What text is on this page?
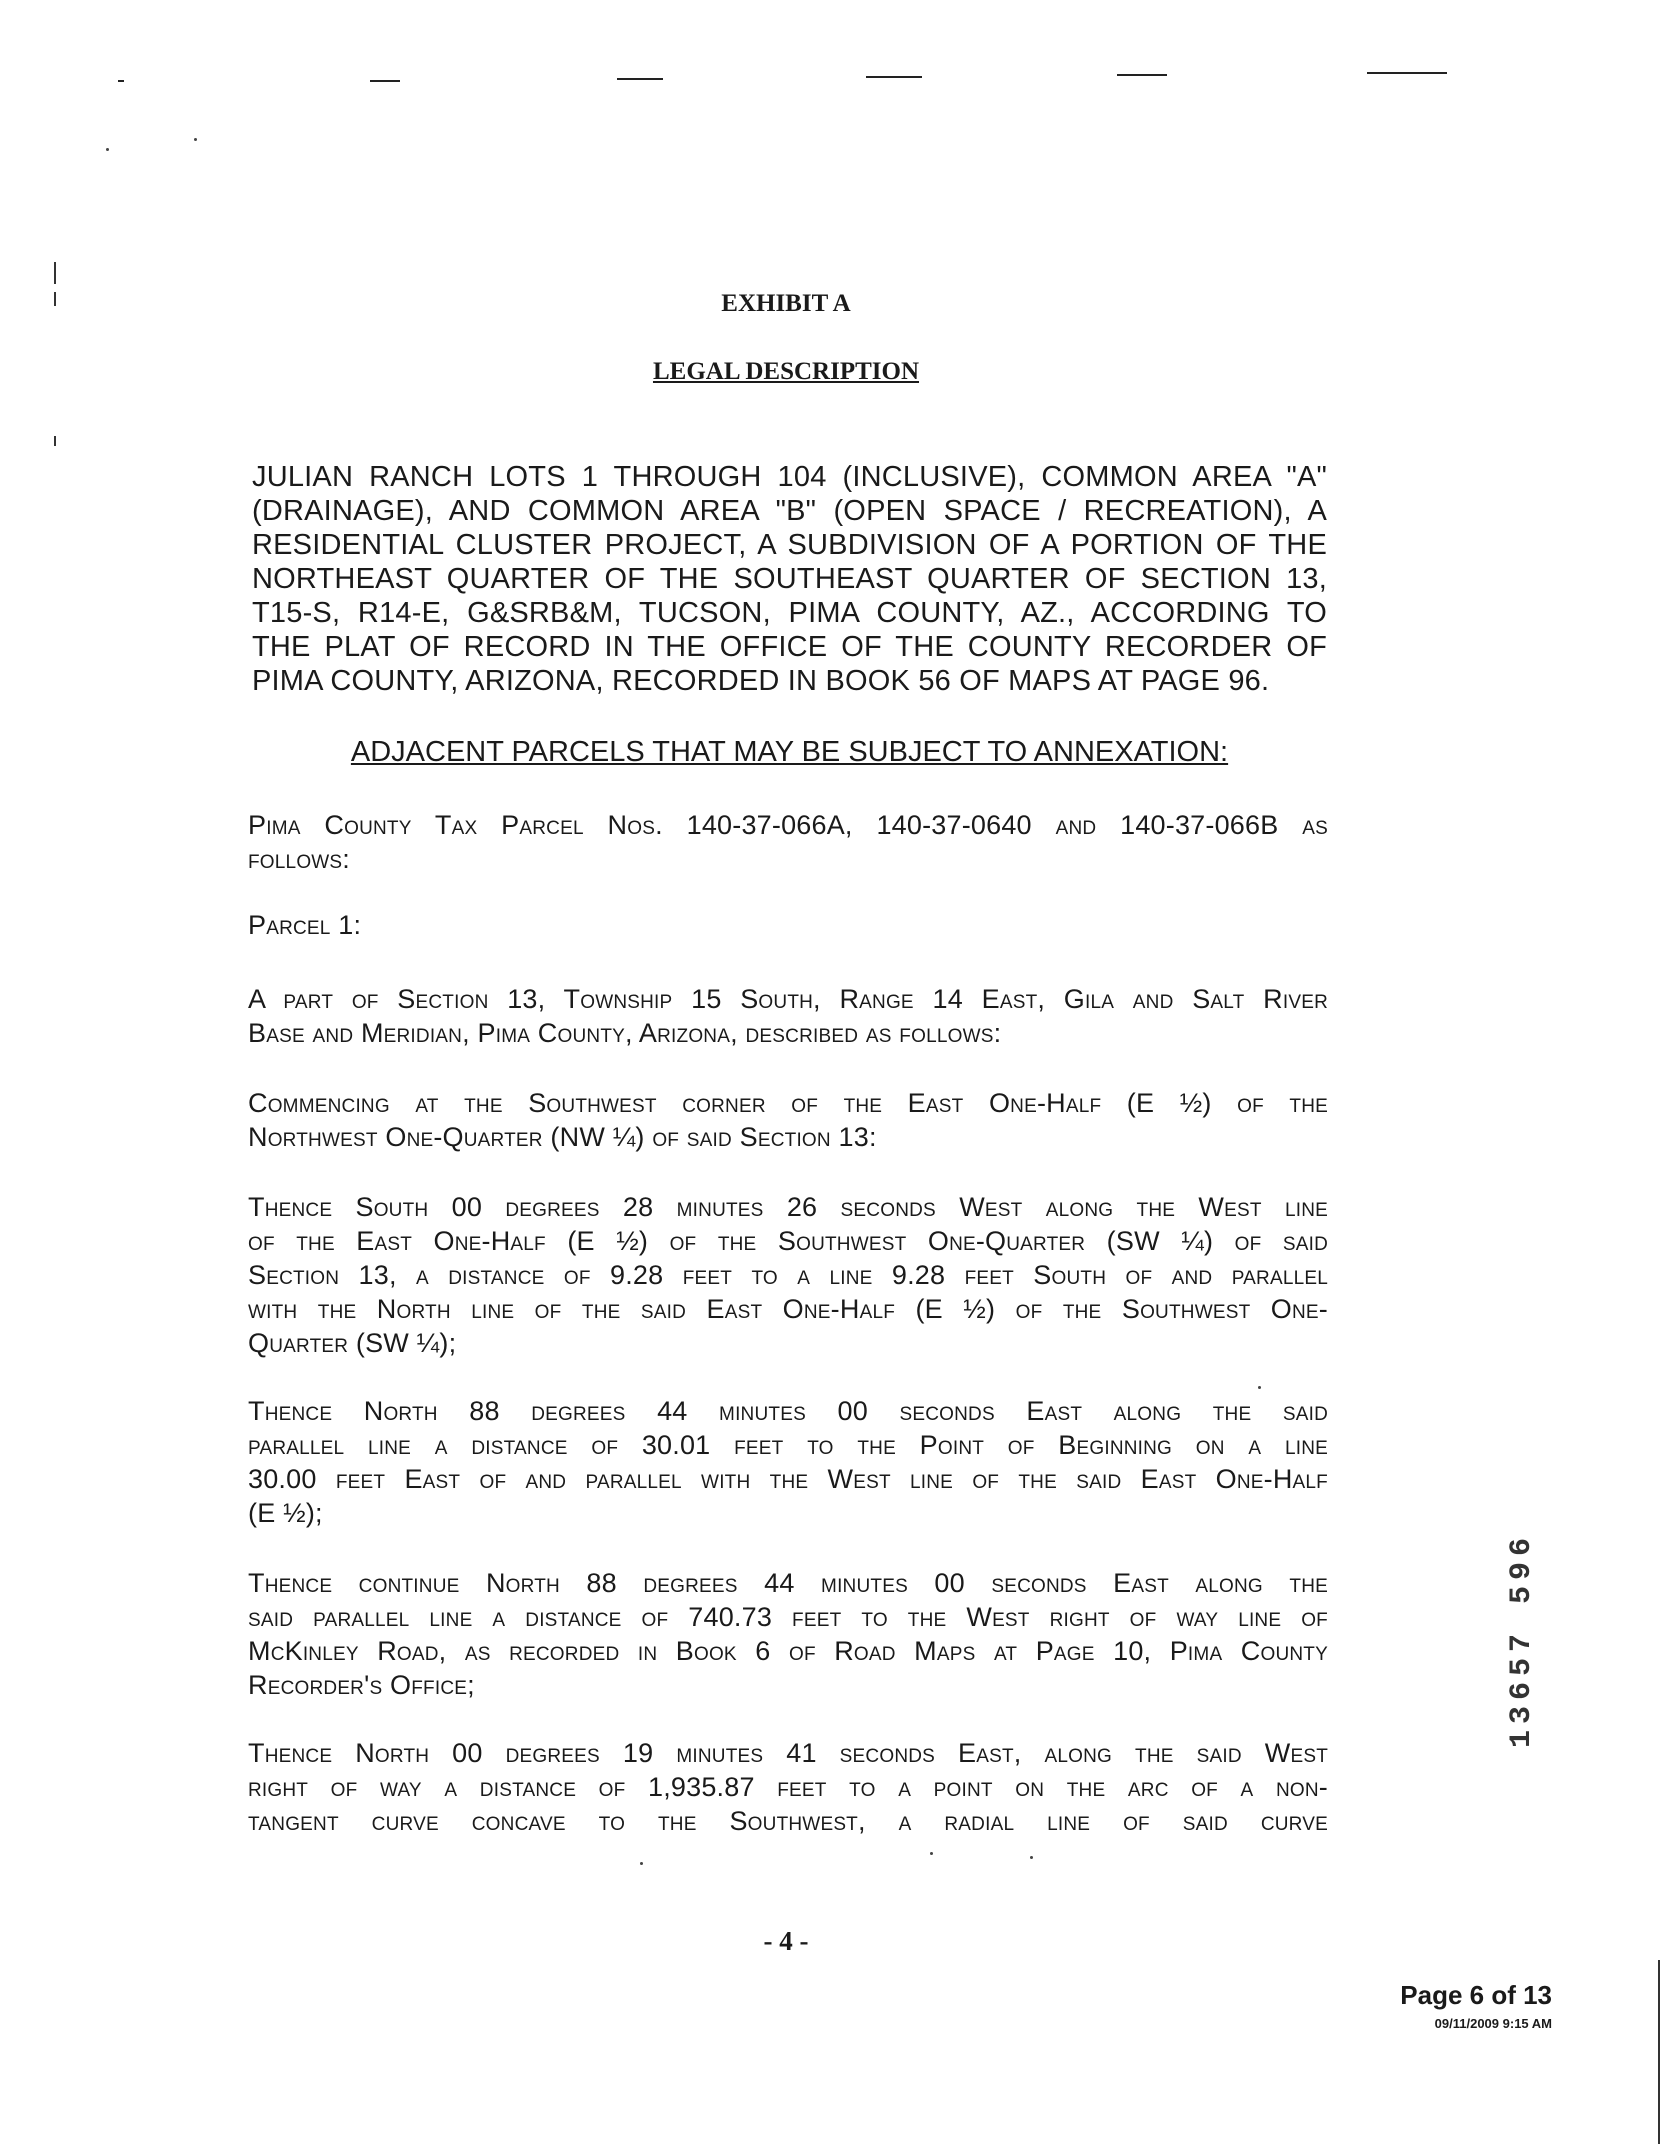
EXHIBIT A
LEGAL DESCRIPTION
JULIAN RANCH LOTS 1 THROUGH 104 (INCLUSIVE), COMMON AREA "A"
(DRAINAGE), AND COMMON AREA "B" (OPEN SPACE / RECREATION), A
RESIDENTIAL CLUSTER PROJECT, A SUBDIVISION OF A PORTION OF THE
NORTHEAST QUARTER OF THE SOUTHEAST QUARTER OF SECTION 13,
T15-S, R14-E, G&SRB&M, TUCSON, PIMA COUNTY, AZ., ACCORDING TO
THE PLAT OF RECORD IN THE OFFICE OF THE COUNTY RECORDER OF
PIMA COUNTY, ARIZONA, RECORDED IN BOOK 56 OF MAPS AT PAGE 96.
ADJACENT PARCELS THAT MAY BE SUBJECT TO ANNEXATION:
Pima County Tax Parcel Nos. 140-37-066A, 140-37-0640 and 140-37-066B as
follows:
Parcel 1:
A part of Section 13, Township 15 South, Range 14 East, Gila and Salt River
Base and Meridian, Pima County, Arizona, described as follows:
Commencing at the Southwest corner of the East One-Half (E ½) of the
Northwest One-Quarter (NW ¼) of said Section 13:
Thence South 00 degrees 28 minutes 26 seconds West along the West line
of the East One-Half (E ½) of the Southwest One-Quarter (SW ¼) of said
Section 13, a distance of 9.28 feet to a line 9.28 feet South of and parallel
with the North line of the said East One-Half (E ½) of the Southwest One-
Quarter (SW ¼);
Thence North 88 degrees 44 minutes 00 seconds East along the said
parallel line a distance of 30.01 feet to the Point of Beginning on a line
30.00 feet East of and parallel with the West line of the said East One-Half
(E ½);
Thence continue North 88 degrees 44 minutes 00 seconds East along the
said parallel line a distance of 740.73 feet to the West right of way line of
McKinley Road, as recorded in Book 6 of Road Maps at Page 10, Pima County
Recorder's Office;
Thence North 00 degrees 19 minutes 41 seconds East, along the said West
right of way a distance of 1,935.87 feet to a point on the arc of a non-
tangent curve concave to the Southwest, a radial line of said curve
13657 596
- 4 -
Page 6 of 13
09/11/2009 9:15 AM
